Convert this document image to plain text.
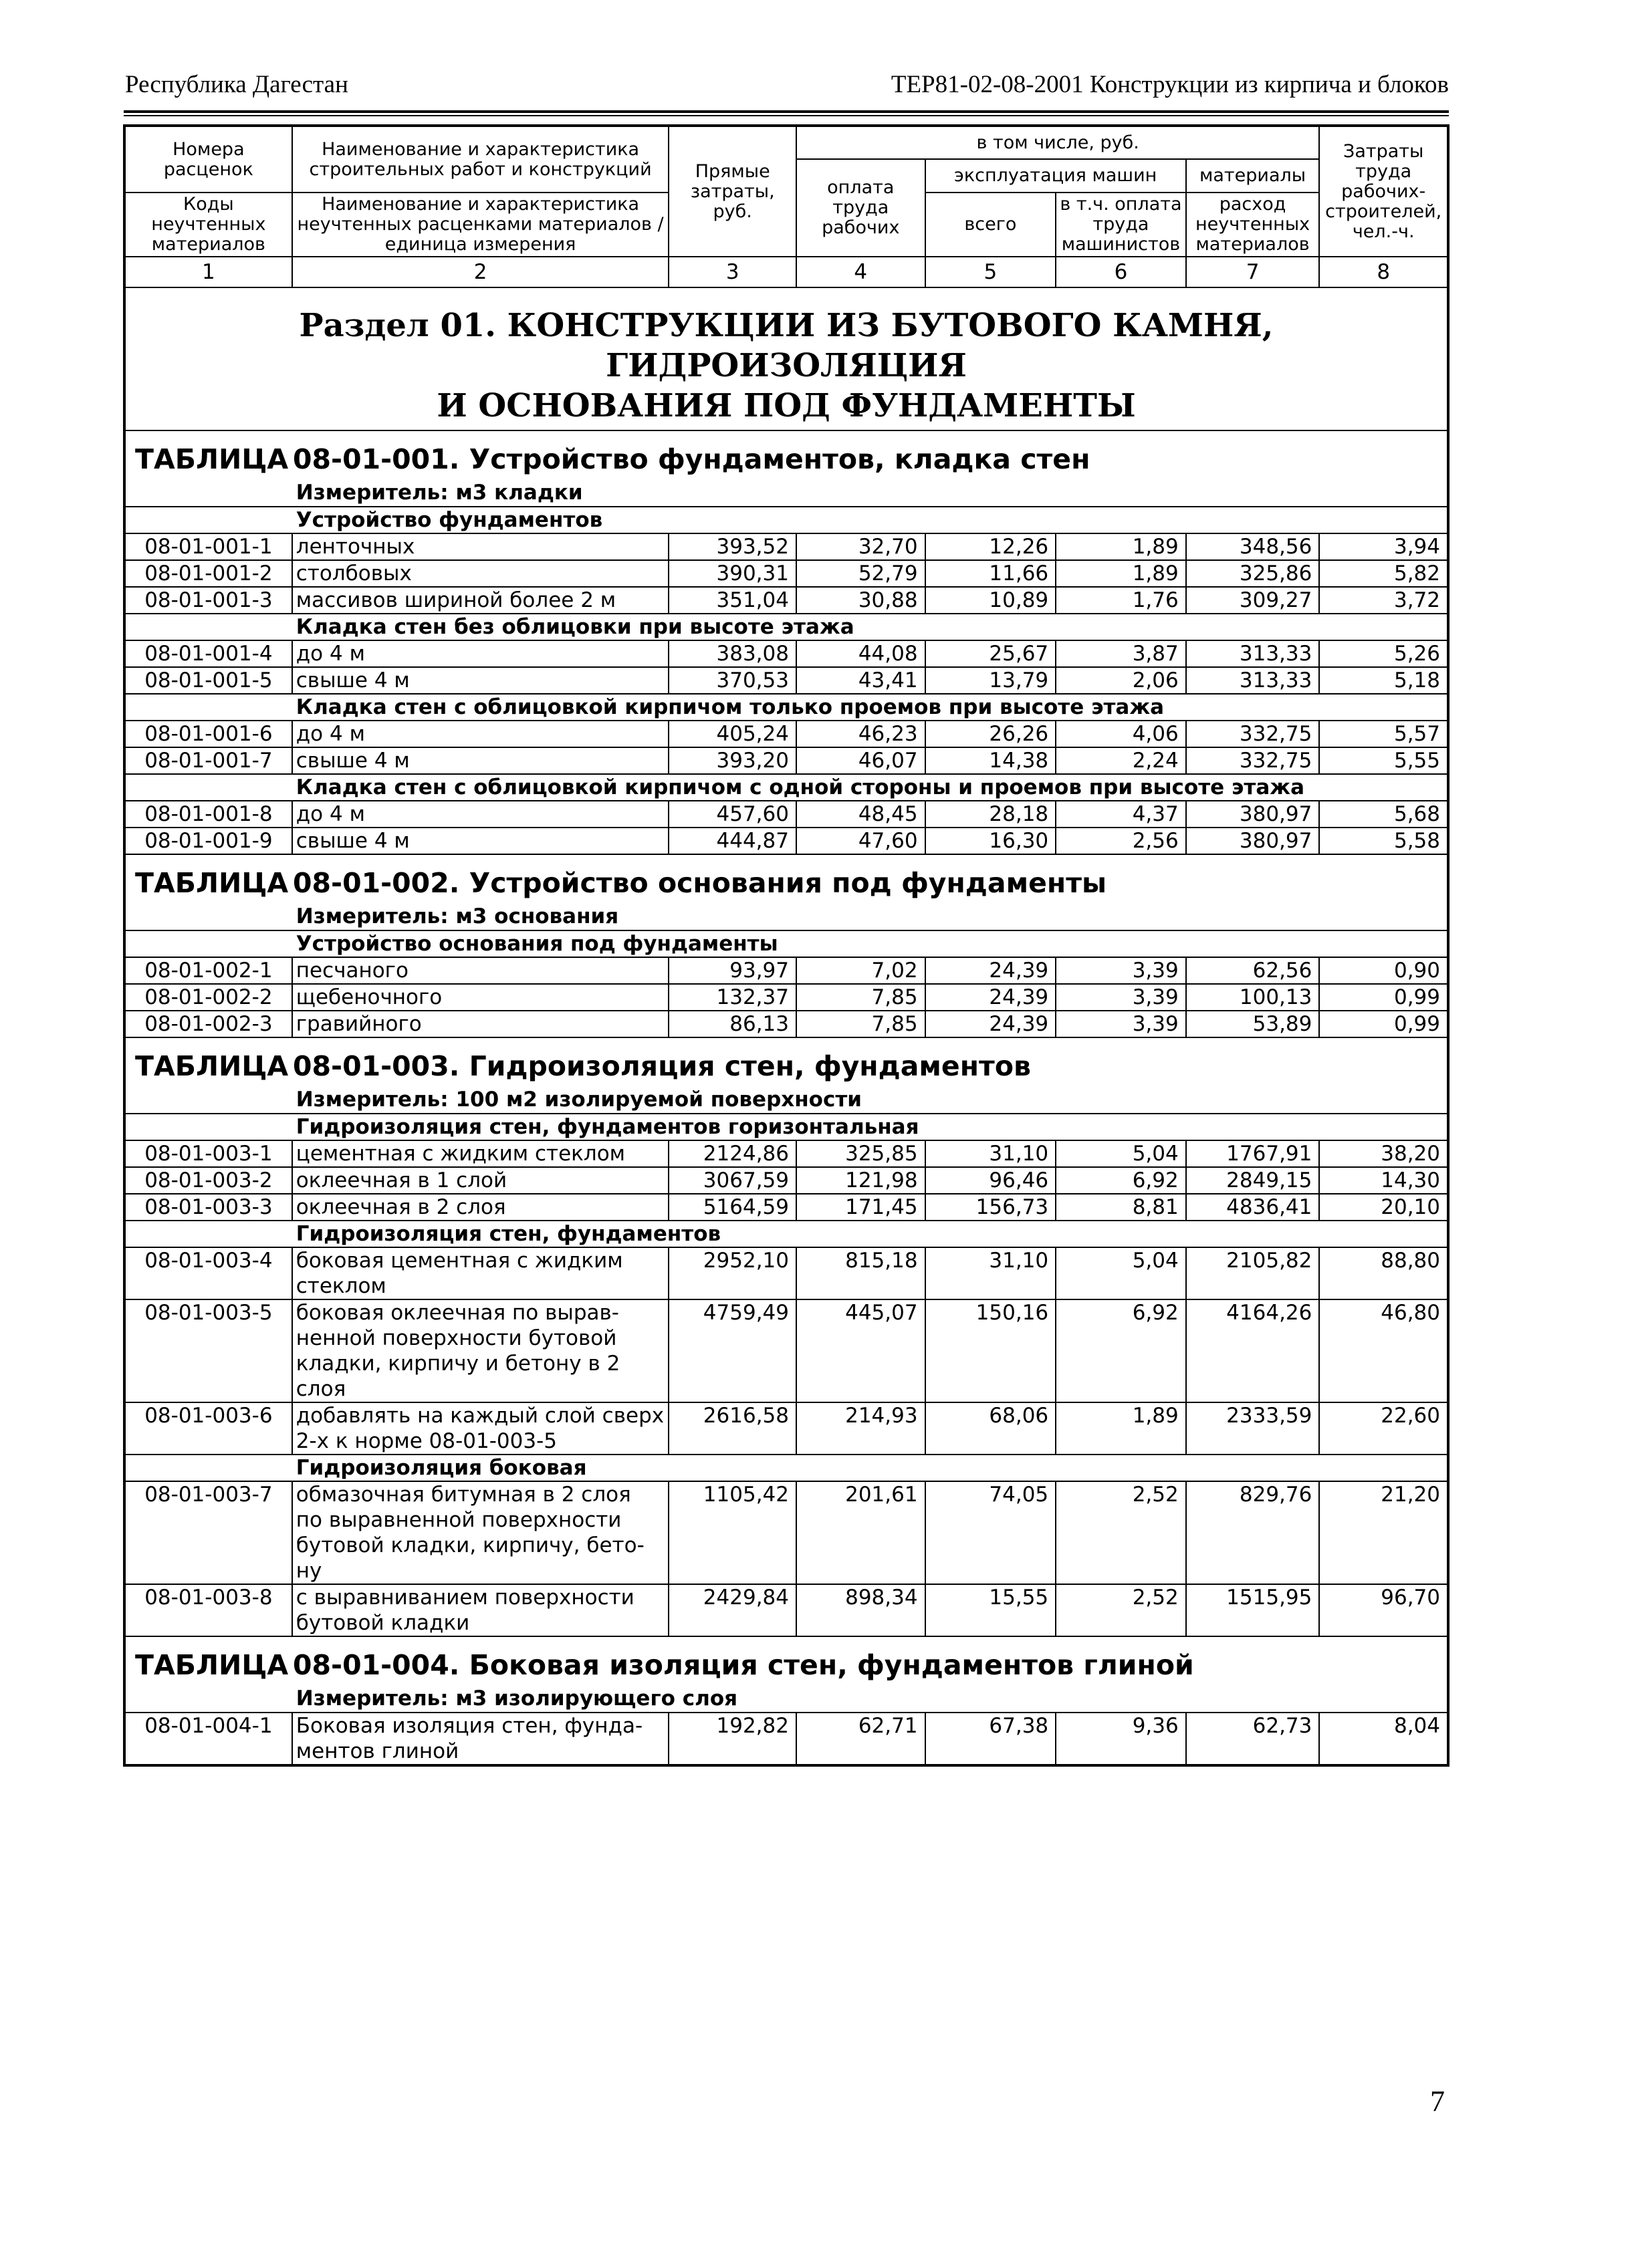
Республика Дагестан	ТЕР81-02-08-2001 Конструкции из кирпича и блоков
Номера расценок	Наименование и характеристика строительных работ и конструкций	Прямые затраты, руб.	в том числе, руб.				Затраты труда рабочих-строителей, чел.-ч.
			оплата труда рабочих	эксплуатация машин		материалы	
Коды неучтенных материалов	Наименование и характеристика неучтенных расценками материалов / единица измерения			всего	в т.ч. оплата труда машинистов	расход неучтенных материалов	

1	2	3	4	5	6	7	8
Раздел 01. КОНСТРУКЦИИ ИЗ БУТОВОГО КАМНЯ, ГИДРОИЗОЛЯЦИЯ
И ОСНОВАНИЯ ПОД ФУНДАМЕНТЫ							
ТАБЛИЦА 08-01-001. Устройство фундаментов, кладка стен							
	Измеритель: м3 кладки						
	Устройство фундаментов						
08-01-001-1	ленточных	393,52	32,70	12,26	1,89	348,56	3,94
08-01-001-2	столбовых	390,31	52,79	11,66	1,89	325,86	5,82
08-01-001-3	массивов шириной более 2 м	351,04	30,88	10,89	1,76	309,27	3,72
	Кладка стен без облицовки при высоте этажа						
08-01-001-4	до 4 м	383,08	44,08	25,67	3,87	313,33	5,26
08-01-001-5	свыше 4 м	370,53	43,41	13,79	2,06	313,33	5,18
	Кладка стен с облицовкой кирпичом только проемов при высоте этажа						
08-01-001-6	до 4 м	405,24	46,23	26,26	4,06	332,75	5,57
08-01-001-7	свыше 4 м	393,20	46,07	14,38	2,24	332,75	5,55
	Кладка стен с облицовкой кирпичом с одной стороны и проемов при высоте этажа						
08-01-001-8	до 4 м	457,60	48,45	28,18	4,37	380,97	5,68
08-01-001-9	свыше 4 м	444,87	47,60	16,30	2,56	380,97	5,58
ТАБЛИЦА 08-01-002. Устройство основания под фундаменты							
	Измеритель: м3 основания						
	Устройство основания под фундаменты						
08-01-002-1	песчаного	93,97	7,02	24,39	3,39	62,56	0,90
08-01-002-2	щебеночного	132,37	7,85	24,39	3,39	100,13	0,99
08-01-002-3	гравийного	86,13	7,85	24,39	3,39	53,89	0,99
ТАБЛИЦА 08-01-003. Гидроизоляция стен, фундаментов							
	Измеритель: 100 м2 изолируемой поверхности						
	Гидроизоляция стен, фундаментов горизонтальная						
08-01-003-1	цементная с жидким стеклом	2124,86	325,85	31,10	5,04	1767,91	38,20
08-01-003-2	оклеечная в 1 слой	3067,59	121,98	96,46	6,92	2849,15	14,30
08-01-003-3	оклеечная в 2 слоя	5164,59	171,45	156,73	8,81	4836,41	20,10
	Гидроизоляция стен, фундаментов						
08-01-003-4	боковая цементная с жидким
стеклом	2952,10	815,18	31,10	5,04	2105,82	88,80
08-01-003-5	боковая оклеечная по вырав-
ненной поверхности бутовой
кладки, кирпичу и бетону в 2
слоя	4759,49	445,07	150,16	6,92	4164,26	46,80
08-01-003-6	добавлять на каждый слой сверх
2-х к норме 08-01-003-5	2616,58	214,93	68,06	1,89	2333,59	22,60
	Гидроизоляция боковая						
08-01-003-7	обмазочная битумная в 2 слоя
по выравненной поверхности
бутовой кладки, кирпичу, бето-
ну	1105,42	201,61	74,05	2,52	829,76	21,20
08-01-003-8	с выравниванием поверхности
бутовой кладки	2429,84	898,34	15,55	2,52	1515,95	96,70
ТАБЛИЦА 08-01-004. Боковая изоляция стен, фундаментов глиной							
	Измеритель: м3 изолирующего слоя						
08-01-004-1	Боковая изоляция стен, фунда-
ментов глиной	192,82	62,71	67,38	9,36	62,73	8,04
7
